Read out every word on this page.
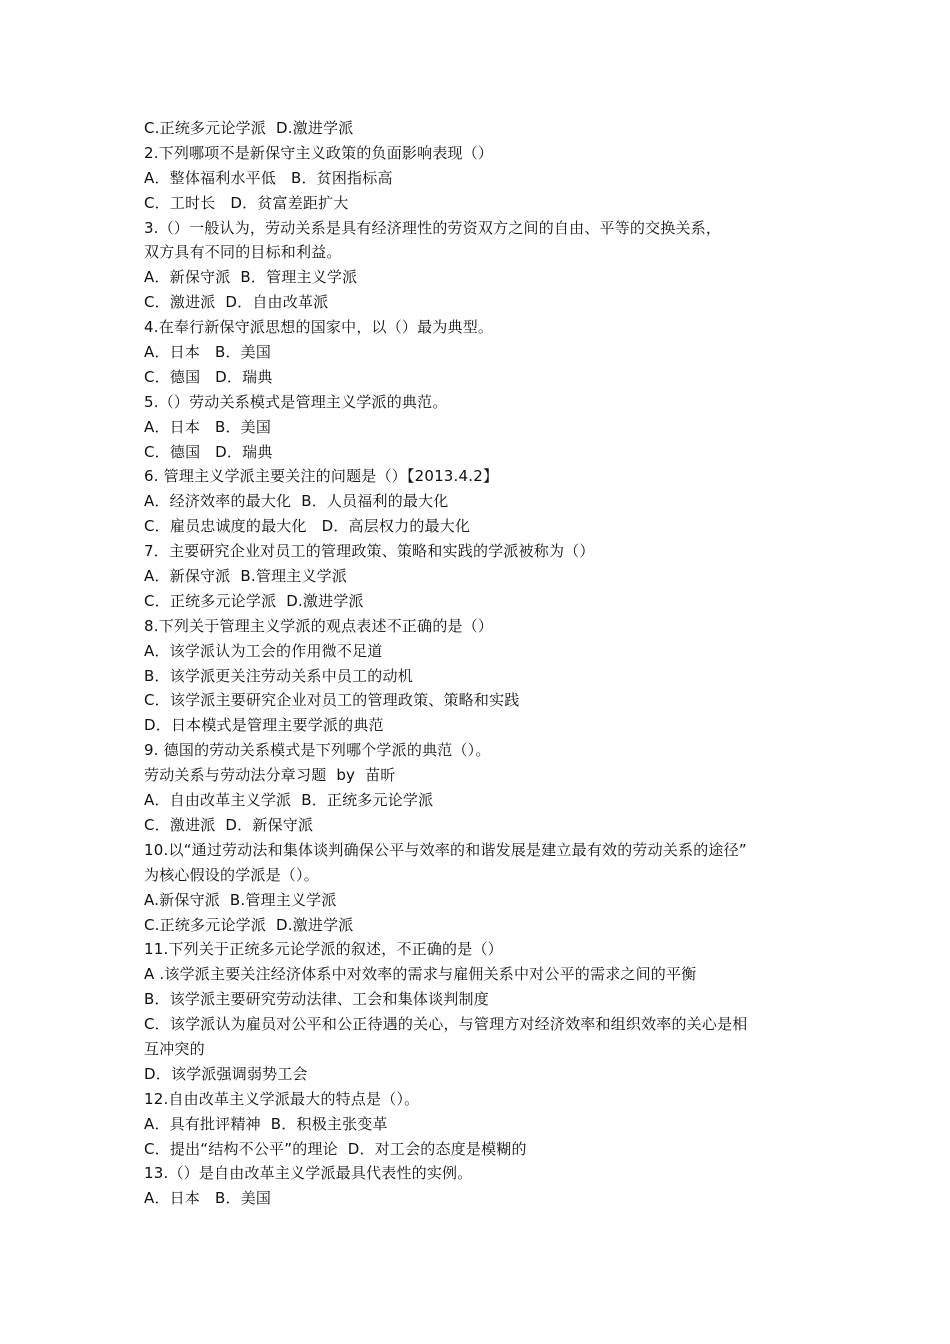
C.正统多元论学派  D.激进学派
2.下列哪项不是新保守主义政策的负面影响表现（）
A．整体福利水平低   B．贫困指标高
C．工时长   D．贫富差距扩大
3.（）一般认为，劳动关系是具有经济理性的劳资双方之间的自由、平等的交换关系，
双方具有不同的目标和利益。
A．新保守派  B．管理主义学派
C．激进派  D．自由改革派
4.在奉行新保守派思想的国家中，以（）最为典型。
A．日本   B．美国
C．德国   D．瑞典
5.（）劳动关系模式是管理主义学派的典范。
A．日本   B．美国
C．德国   D．瑞典
6. 管理主义学派主要关注的问题是（）【2013.4.2】
A．经济效率的最大化  B．人员福利的最大化
C．雇员忠诚度的最大化   D．高层权力的最大化
7．主要研究企业对员工的管理政策、策略和实践的学派被称为（）
A．新保守派  B.管理主义学派
C．正统多元论学派  D.激进学派
8.下列关于管理主义学派的观点表述不正确的是（）
A．该学派认为工会的作用微不足道
B．该学派更关注劳动关系中员工的动机
C．该学派主要研究企业对员工的管理政策、策略和实践
D．日本模式是管理主要学派的典范
9. 德国的劳动关系模式是下列哪个学派的典范（）。
劳动关系与劳动法分章习题  by  苗昕
A．自由改革主义学派  B．正统多元论学派
C．激进派  D．新保守派
10.以“通过劳动法和集体谈判确保公平与效率的和谐发展是建立最有效的劳动关系的途径”
为核心假设的学派是（）。
A.新保守派  B.管理主义学派
C.正统多元论学派  D.激进学派
11.下列关于正统多元论学派的叙述，不正确的是（）
A .该学派主要关注经济体系中对效率的需求与雇佣关系中对公平的需求之间的平衡
B．该学派主要研究劳动法律、工会和集体谈判制度
C．该学派认为雇员对公平和公正待遇的关心，与管理方对经济效率和组织效率的关心是相
互冲突的
D．该学派强调弱势工会
12.自由改革主义学派最大的特点是（）。
A．具有批评精神  B．积极主张变革
C．提出“结构不公平”的理论  D．对工会的态度是模糊的
13.（）是自由改革主义学派最具代表性的实例。
A．日本   B．美国
